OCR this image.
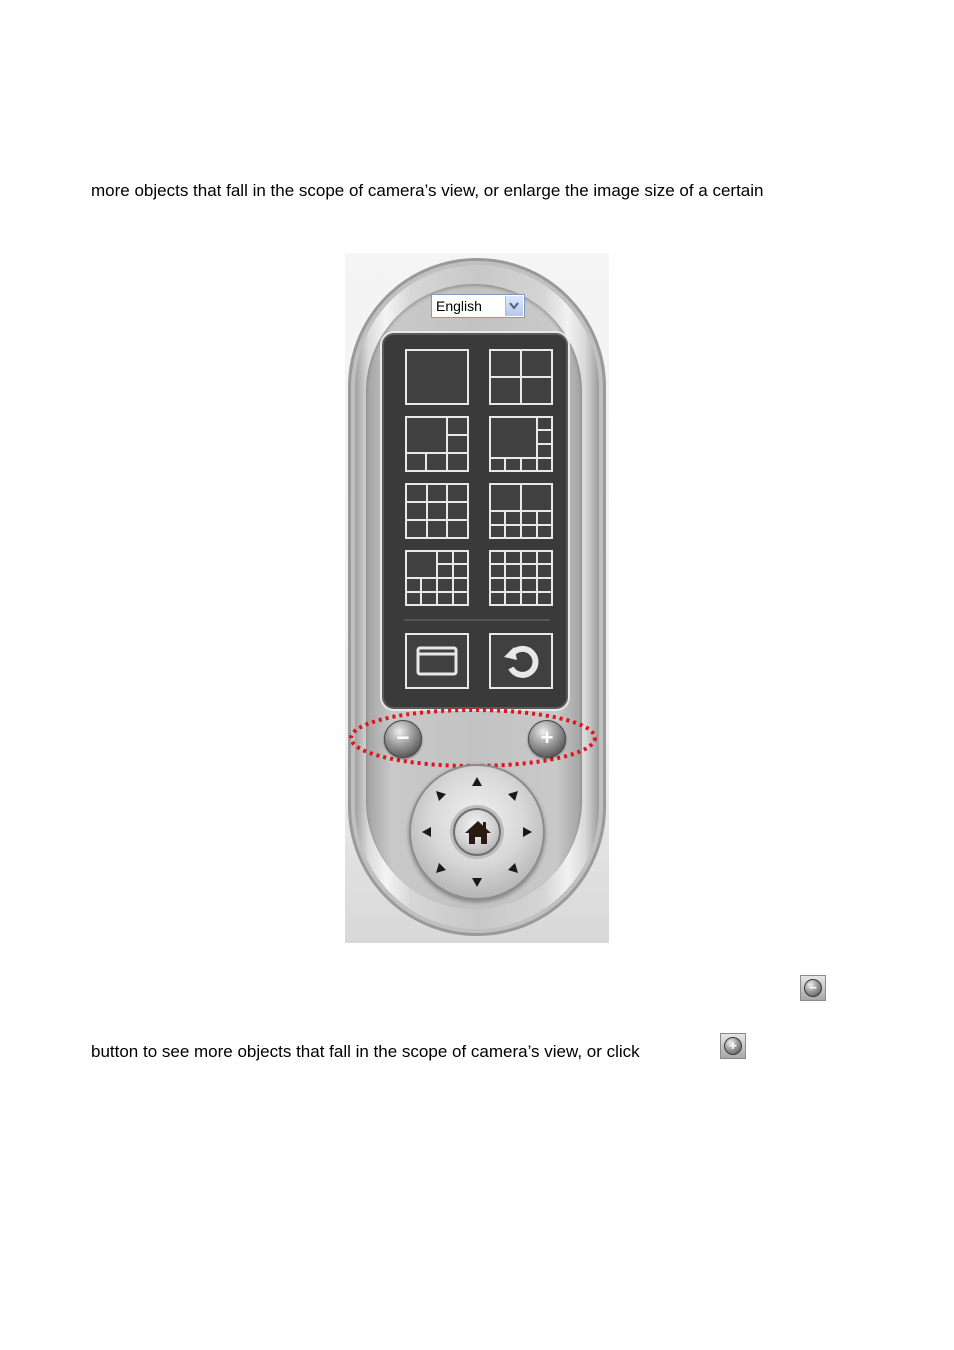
more objects that fall in the scope of camera’s view, or enlarge the image size of a certain

English
−	+
−

button to see more objects that fall in the scope of camera’s view, or click	+
